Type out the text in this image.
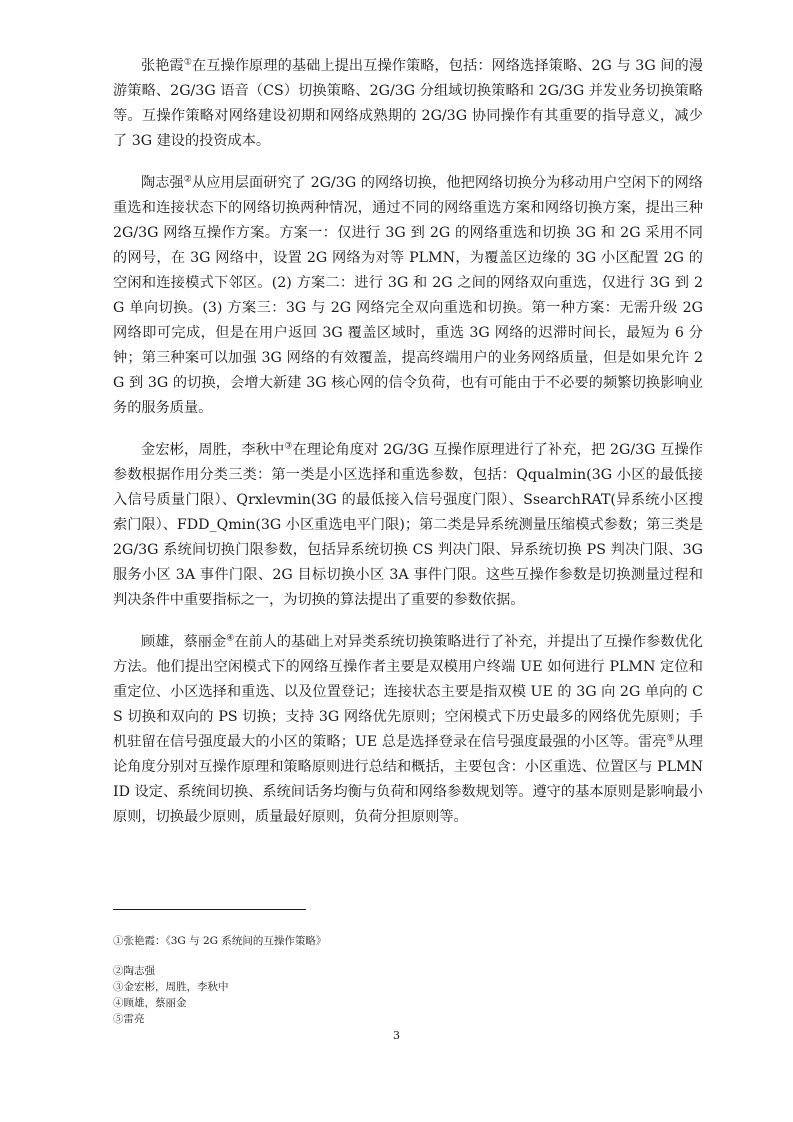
张艳霞①在互操作原理的基础上提出互操作策略，包括：网络选择策略、2G 与 3G 间的漫游策略、2G/3G 语音（CS）切换策略、2G/3G 分组域切换策略和 2G/3G 并发业务切换策略等。互操作策略对网络建设初期和网络成熟期的 2G/3G 协同操作有其重要的指导意义，减少了 3G 建设的投资成本。

陶志强②从应用层面研究了 2G/3G 的网络切换，他把网络切换分为移动用户空闲下的网络重选和连接状态下的网络切换两种情况，通过不同的网络重选方案和网络切换方案，提出三种 2G/3G 网络互操作方案。方案一：仅进行 3G 到 2G 的网络重选和切换 3G 和 2G 采用不同的网号，在 3G 网络中，设置 2G 网络为对等 PLMN，为覆盖区边缘的 3G 小区配置 2G 的空闲和连接模式下邻区。(2) 方案二：进行 3G 和 2G 之间的网络双向重选，仅进行 3G 到 2G 单向切换。(3) 方案三：3G 与 2G 网络完全双向重选和切换。第一种方案：无需升级 2G 网络即可完成，但是在用户返回 3G 覆盖区域时，重选 3G 网络的迟滞时间长，最短为 6 分钟；第三种案可以加强 3G 网络的有效覆盖，提高终端用户的业务网络质量，但是如果允许 2G 到 3G 的切换，会增大新建 3G 核心网的信令负荷，也有可能由于不必要的频繁切换影响业务的服务质量。

金宏彬，周胜，李秋中③在理论角度对 2G/3G 互操作原理进行了补充，把 2G/3G 互操作参数根据作用分类三类：第一类是小区选择和重选参数，包括：Qqualmin(3G 小区的最低接入信号质量门限）、Qrxlevmin(3G 的最低接入信号强度门限）、SsearchRAT(异系统小区搜索门限）、FDD_Qmin(3G 小区重选电平门限)；第二类是异系统测量压缩模式参数；第三类是 2G/3G 系统间切换门限参数，包括异系统切换 CS 判决门限、异系统切换 PS 判决门限、3G 服务小区 3A 事件门限、2G 目标切换小区 3A 事件门限。这些互操作参数是切换测量过程和判决条件中重要指标之一，为切换的算法提出了重要的参数依据。

顾雄，蔡丽金④在前人的基础上对异类系统切换策略进行了补充，并提出了互操作参数优化方法。他们提出空闲模式下的网络互操作者主要是双模用户终端 UE 如何进行 PLMN 定位和重定位、小区选择和重选、以及位置登记；连接状态主要是指双模 UE 的 3G 向 2G 单向的 CS 切换和双向的 PS 切换；支持 3G 网络优先原则；空闲模式下历史最多的网络优先原则；手机驻留在信号强度最大的小区的策略；UE 总是选择登录在信号强度最强的小区等。雷亮⑤从理论角度分别对互操作原理和策略原则进行总结和概括，主要包含：小区重选、位置区与 PLMN ID 设定、系统间切换、系统间话务均衡与负荷和网络参数规划等。遵守的基本原则是影响最小原则，切换最少原则，质量最好原则，负荷分担原则等。

①张艳霞：《3G 与 2G 系统间的互操作策略》

②陶志强

③金宏彬，周胜，李秋中

④顾雄，蔡丽金

⑤雷亮

3
